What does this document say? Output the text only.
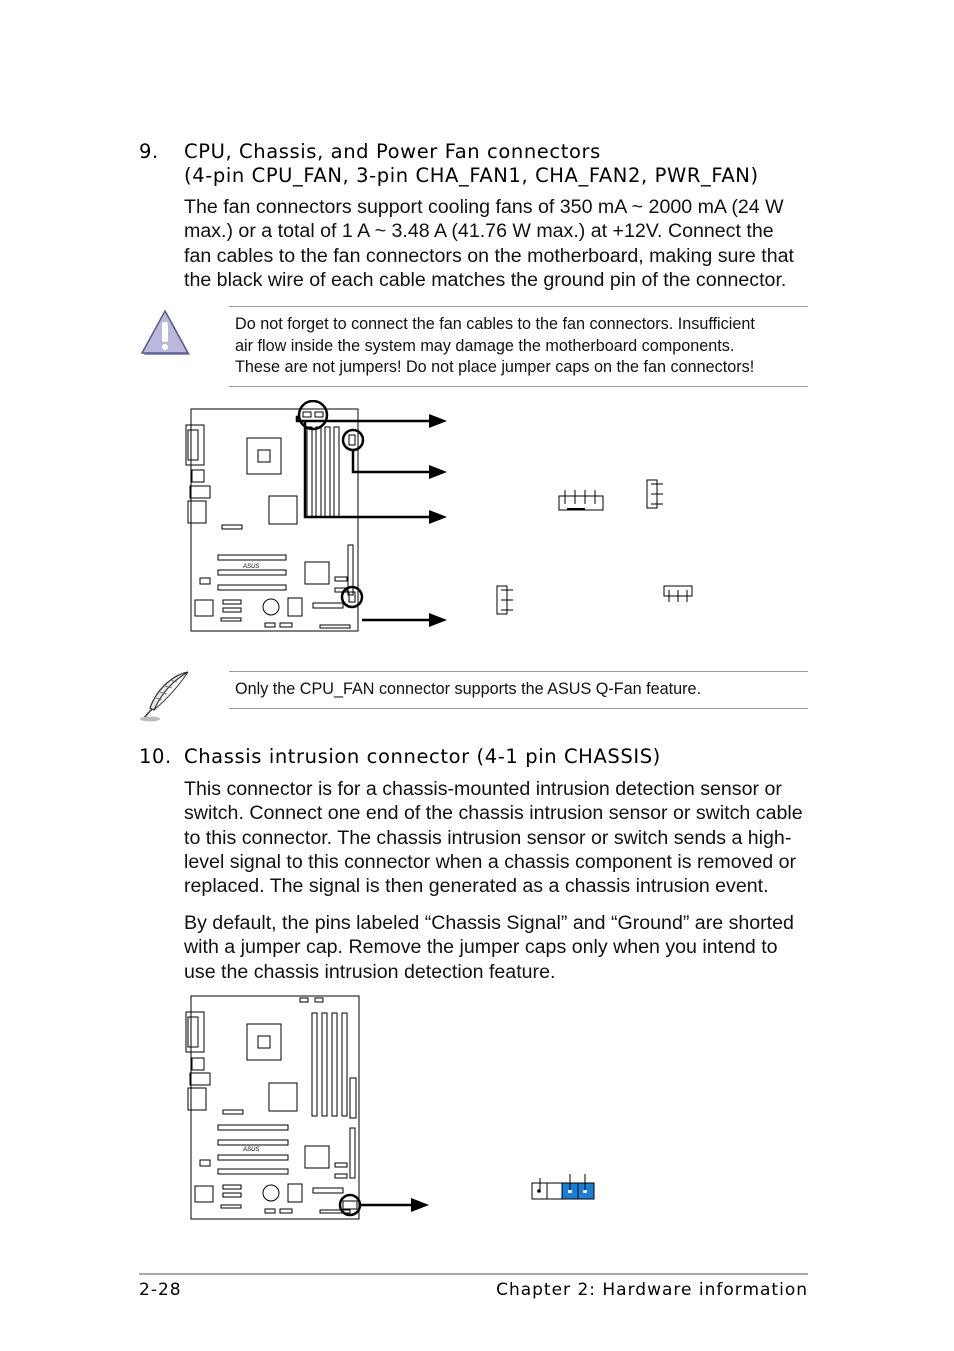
9. CPU, Chassis, and Power Fan connectors
(4-pin CPU_FAN, 3-pin CHA_FAN1, CHA_FAN2, PWR_FAN)
The fan connectors support cooling fans of 350 mA ~ 2000 mA (24 W
max.) or a total of 1 A ~ 3.48 A (41.76 W max.) at +12V. Connect the
fan cables to the fan connectors on the motherboard, making sure that
the black wire of each cable matches the ground pin of the connector.
Do not forget to connect the fan cables to the fan connectors. Insufficient
air flow inside the system may damage the motherboard components.
These are not jumpers! Do not place jumper caps on the fan connectors!
ASUS
Only the CPU_FAN connector supports the ASUS Q-Fan feature.
10. Chassis intrusion connector (4-1 pin CHASSIS)
This connector is for a chassis-mounted intrusion detection sensor or
switch. Connect one end of the chassis intrusion sensor or switch cable
to this connector. The chassis intrusion sensor or switch sends a high-
level signal to this connector when a chassis component is removed or
replaced. The signal is then generated as a chassis intrusion event.
By default, the pins labeled “Chassis Signal” and “Ground” are shorted
with a jumper cap. Remove the jumper caps only when you intend to
use the chassis intrusion detection feature.
ASUS
2-28	Chapter 2: Hardware information
